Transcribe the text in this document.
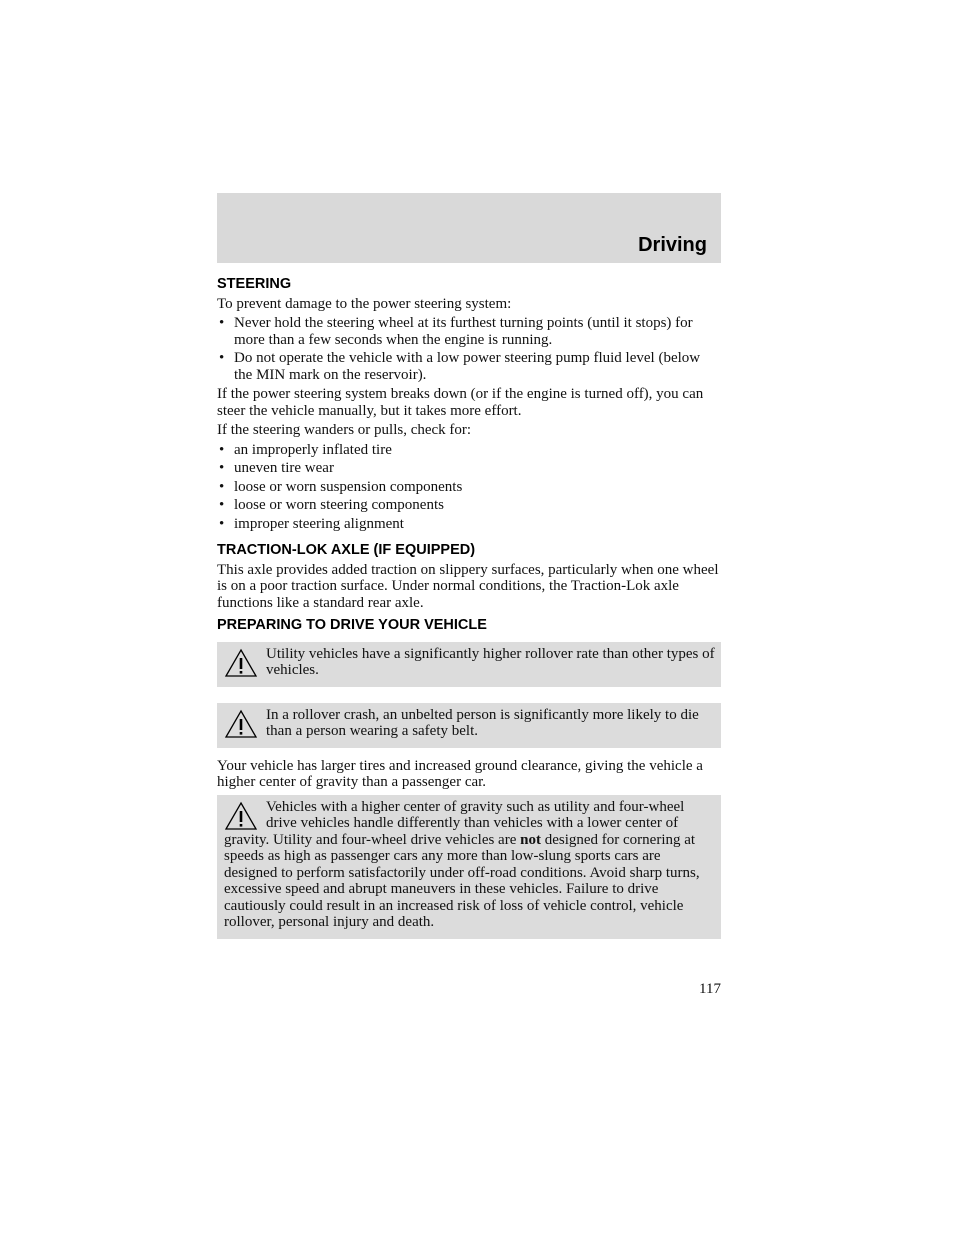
Driving
STEERING

To prevent damage to the power steering system:

• Never hold the steering wheel at its furthest turning points (until it stops) for more than a few seconds when the engine is running.
• Do not operate the vehicle with a low power steering pump fluid level (below the MIN mark on the reservoir).

If the power steering system breaks down (or if the engine is turned off), you can steer the vehicle manually, but it takes more effort.

If the steering wanders or pulls, check for:

• an improperly inflated tire
• uneven tire wear
• loose or worn suspension components
• loose or worn steering components
• improper steering alignment
TRACTION-LOK AXLE (IF EQUIPPED)

This axle provides added traction on slippery surfaces, particularly when one wheel is on a poor traction surface. Under normal conditions, the Traction-Lok axle functions like a standard rear axle.

PREPARING TO DRIVE YOUR VEHICLE
Utility vehicles have a significantly higher rollover rate than other types of vehicles.
In a rollover crash, an unbelted person is significantly more likely to die than a person wearing a safety belt.

Your vehicle has larger tires and increased ground clearance, giving the vehicle a higher center of gravity than a passenger car.

Vehicles with a higher center of gravity such as utility and four-wheel drive vehicles handle differently than vehicles with a lower center of gravity. Utility and four-wheel drive vehicles are not designed for cornering at speeds as high as passenger cars any more than low-slung sports cars are designed to perform satisfactorily under off-road conditions. Avoid sharp turns, excessive speed and abrupt maneuvers in these vehicles. Failure to drive cautiously could result in an increased risk of loss of vehicle control, vehicle rollover, personal injury and death.
117
